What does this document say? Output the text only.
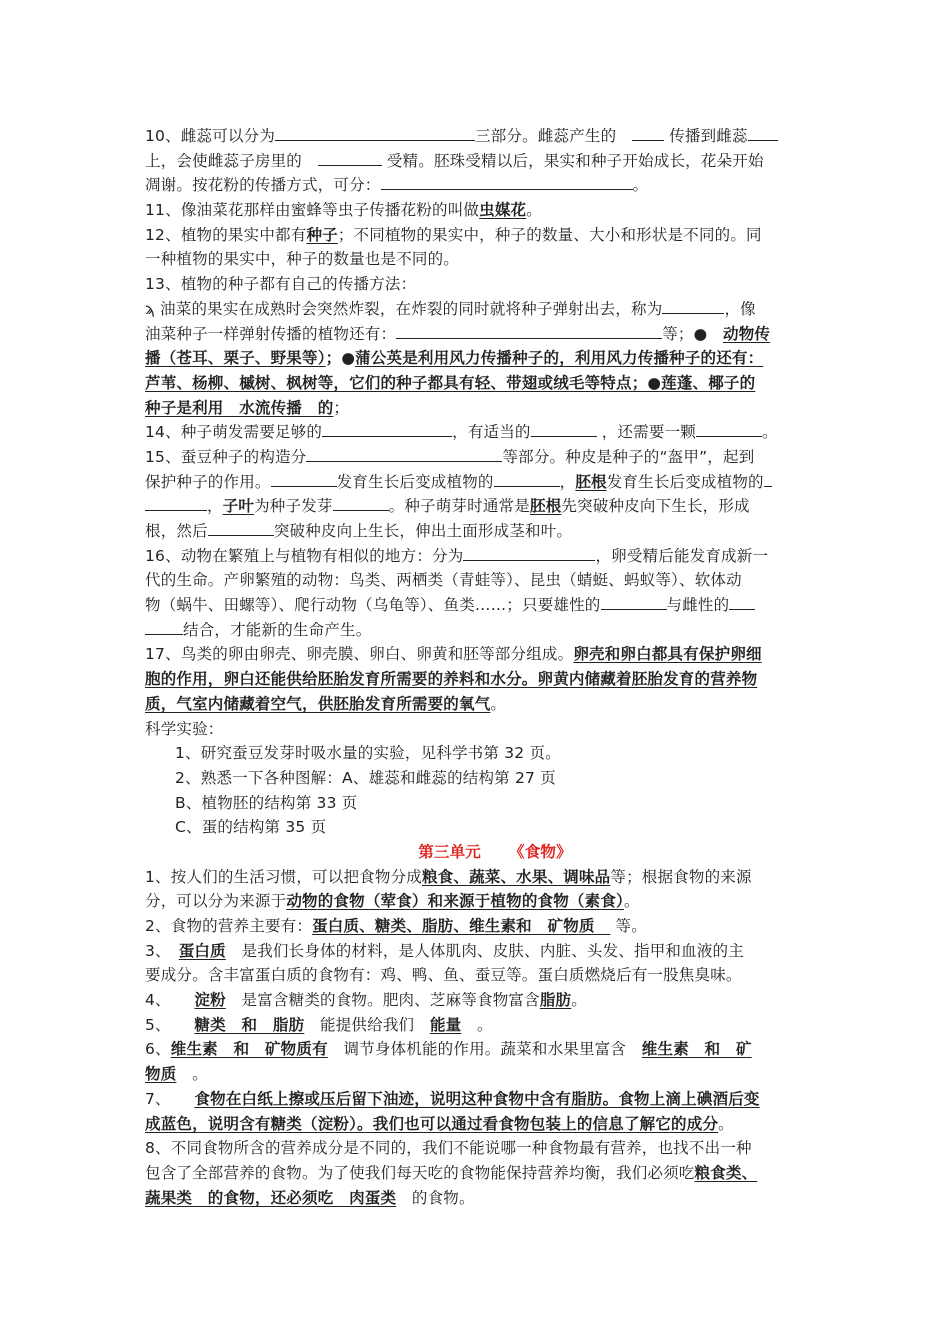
10、雌蕊可以分为	三部分。雌蕊产生的　	传播到雌蕊
上，会使雌蕊子房里的　	受精。胚珠受精以后，果实和种子开始成长，花朵开始
凋谢。按花粉的传播方式，可分：	。
11、像油菜花那样由蜜蜂等虫子传播花粉的叫做虫媒花。
12、植物的果实中都有种子；不同植物的果实中，种子的数量、大小和形状是不同的。同
一种植物的果实中，种子的数量也是不同的。
13、植物的种子都有自己的传播方法：
ϡ 油菜的果实在成熟时会突然炸裂，在炸裂的同时就将种子弹射出去，称为	，像
油菜种子一样弹射传播的植物还有：	等；●　 动物传
播（苍耳、栗子、野果等）；●蒲公英是利用风力传播种子的，利用风力传播种子的还有：
芦苇、杨柳、槭树、枫树等，它们的种子都具有轻、带翅或绒毛等特点；●莲蓬、椰子的
种子是利用　水流传播　的；
14、种子萌发需要足够的	，有适当的	，还需要一颗	。
15、蚕豆种子的构造分	等部分。种皮是种子的“盔甲”，起到
保护种子的作用。	发育生长后变成植物的	，胚根发育生长后变成植物的
，子叶为种子发芽	。种子萌芽时通常是胚根先突破种皮向下生长，形成
根，然后	突破种皮向上生长，伸出土面形成茎和叶。
16、动物在繁殖上与植物有相似的地方：分为	，卵受精后能发育成新一
代的生命。产卵繁殖的动物：鸟类、两栖类（青蛙等）、昆虫（蜻蜓、蚂蚁等）、软体动
物（蜗牛、田螺等）、爬行动物（乌龟等）、鱼类……；只要雄性的	与雌性的
结合，才能新的生命产生。
17、鸟类的卵由卵壳、卵壳膜、卵白、卵黄和胚等部分组成。卵壳和卵白都具有保护卵细
胞的作用，卵白还能供给胚胎发育所需要的养料和水分。卵黄内储藏着胚胎发育的营养物
质，气室内储藏着空气，供胚胎发育所需要的氧气。
科学实验：
1、研究蚕豆发芽时吸水量的实验，见科学书第 32 页。
2、熟悉一下各种图解：A、雄蕊和雌蕊的结构第 27 页
B、植物胚的结构第 33 页
C、蛋的结构第 35 页
第三单元 《食物》
1、按人们的生活习惯，可以把食物分成粮食、蔬菜、水果、调味品等；根据食物的来源
分，可以分为来源于动物的食物（荤食）和来源于植物的食物（素食）。
2、食物的营养主要有：蛋白质、糖类、脂肪、维生素和　矿物质　 等。
3、　 蛋白质　 是我们长身体的材料，是人体肌肉、皮肤、内脏、头发、指甲和血液的主
要成分。含丰富蛋白质的食物有：鸡、鸭、鱼、蚕豆等。蛋白质燃烧后有一股焦臭味。
4、　　 淀粉　 是富含糖类的食物。肥肉、芝麻等食物富含脂肪。
5、　　 糖类　和　脂肪　 能提供给我们　 能量　 。
6、维生素　和　矿物质有　 调节身体机能的作用。蔬菜和水果里富含　 维生素　和　矿
物质　 。
7、　　 食物在白纸上擦或压后留下油迹，说明这种食物中含有脂肪。食物上滴上碘酒后变
成蓝色，说明含有糖类（淀粉）。我们也可以通过看食物包装上的信息了解它的成分。
8、不同食物所含的营养成分是不同的，我们不能说哪一种食物最有营养，也找不出一种
包含了全部营养的食物。为了使我们每天吃的食物能保持营养均衡，我们必须吃粮食类、
蔬果类　的食物，还必须吃　肉蛋类　 的食物。
